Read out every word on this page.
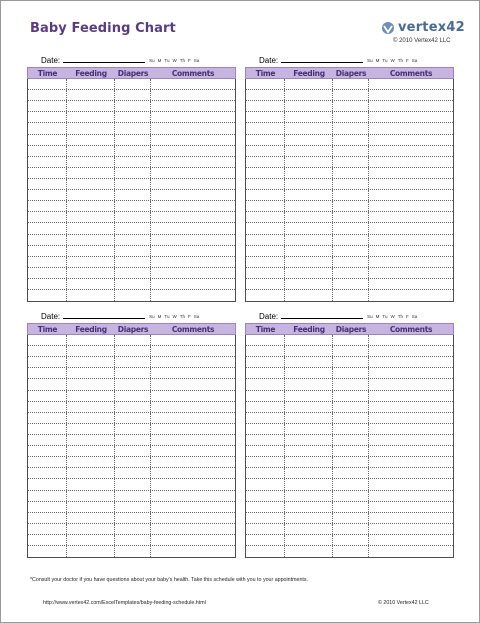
Baby Feeding Chart	vertex42
© 2010 Vertex42 LLC
Date:	Su M Tu W Th F Sa
Time	Feeding	Diapers	Comments
Date:	Su M Tu W Th F Sa
Time	Feeding	Diapers	Comments
Date:	Su M Tu W Th F Sa
Time	Feeding	Diapers	Comments
Date:	Su M Tu W Th F Sa
Time	Feeding	Diapers	Comments
*Consult your doctor if you have questions about your baby's health. Take this schedule with you to your appointments.
http://www.vertex42.com/ExcelTemplates/baby-feeding-schedule.html	© 2010 Vertex42 LLC
